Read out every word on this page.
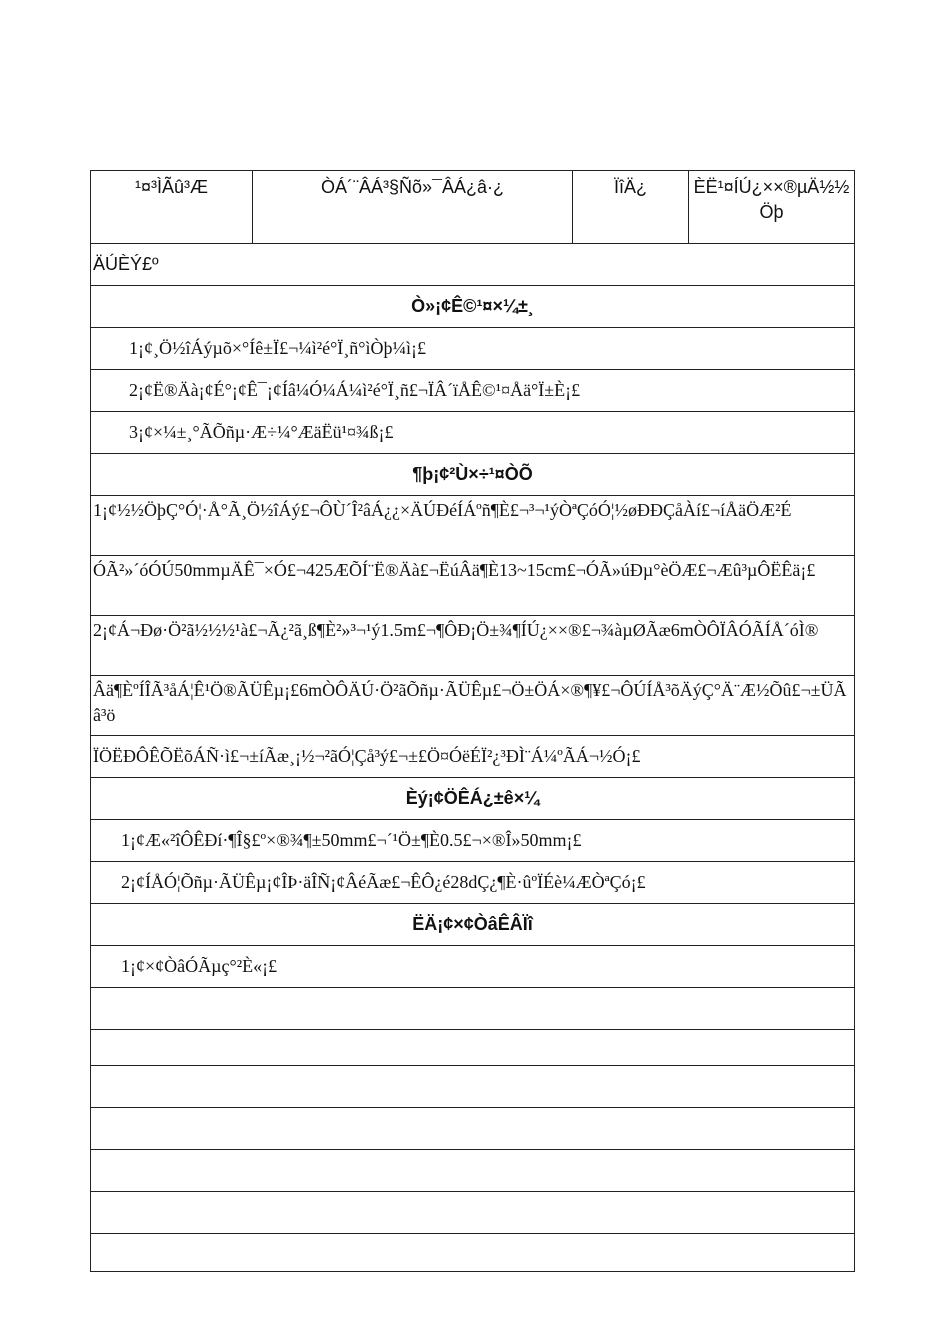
¹¤³ÌÃû³Æ	ÒÁ´¨ÂÁ³§Ñõ»¯ÂÁ¿â·¿	ÏîÄ¿	ÈË¹¤ÍÚ¿××®µÄ½½Öþ
ÄÚÈÝ£º
Ò»¡¢Ê©¹¤×¼±¸
1¡¢¸Ö½îÁýµõ×°Íê±Ï£¬¼ì²é°Ï¸ñ°ìÒþ¼ì¡£
2¡¢Ë®Äà¡¢É°¡¢Ê¯¡¢Íâ¼Ó¼Á¼ì²é°Ï¸ñ£¬ÏÂ´ïÅÊ©¹¤Åä°Ï±È¡£
3¡¢×¼±¸°ÃÕñµ·Æ÷¼°ÆäËü¹¤¾ß¡£
¶þ¡¢²Ù×÷¹¤ÒÕ
1¡¢½½ÖþÇ°Ó¦·Å°Ã¸Ö½îÁý£¬ÔÙ´Î²âÁ¿¿×ÄÚÐéÍÁºñ¶È£¬³¬¹ýÒªÇóÓ¦½øÐÐÇåÀí£¬íÅäÖÆ²É
ÓÃ²»´óÓÚ50mmµÄÊ¯×Ó£¬425ÆÕÍ¨Ë®Äà£¬ËúÂä¶È13~15cm£¬ÓÃ»úÐµ°èÖÆ£¬Æû³µÔËÊä¡£
2¡¢Á¬Ðø·Ö²ã½½½¹à£¬Ã¿²ã¸ß¶È²»³¬¹ý1.5m£¬¶ÔÐ¡Ö±¾¶ÍÚ¿××®£¬¾àµØÃæ6mÒÔÏÂÓÃÍÅ´óÌ®
Âä¶ÈºÍÎÃ³åÁ¦Ê¹Ö®ÃÜÊµ¡£6mÒÔÄÚ·Ö²ãÕñµ·ÃÜÊµ£¬Ö±ÖÁ×®¶¥£¬ÔÚÍÅ³õÄýÇ°Ä¨Æ½Õû£¬±ÜÃâ³ö
ÏÖËÐÔÊÕËõÁÑ·ì£¬±íÃæ¸¡½¬²ãÓ¦Çå³ý£¬±£Ö¤ÓëÉÏ²¿³ÐÌ¨Á¼ºÃÁ¬½Ó¡£
Èý¡¢ÖÊÁ¿±ê×¼
1¡¢Æ«²îÔÊÐí·¶Î§£º×®¾¶±50mm£¬´¹Ö±¶È0.5£¬×®Î»50mm¡£
2¡¢ÍÅÓ¦Õñµ·ÃÜÊµ¡¢ÎÞ·äÎÑ¡¢ÂéÃæ£¬ÊÔ¿é28dÇ¿¶È·ûºÏÉè¼ÆÒªÇó¡£
ËÄ¡¢×¢ÒâÊÂÏî
1¡¢×¢ÒâÓÃµç°²È«¡£
